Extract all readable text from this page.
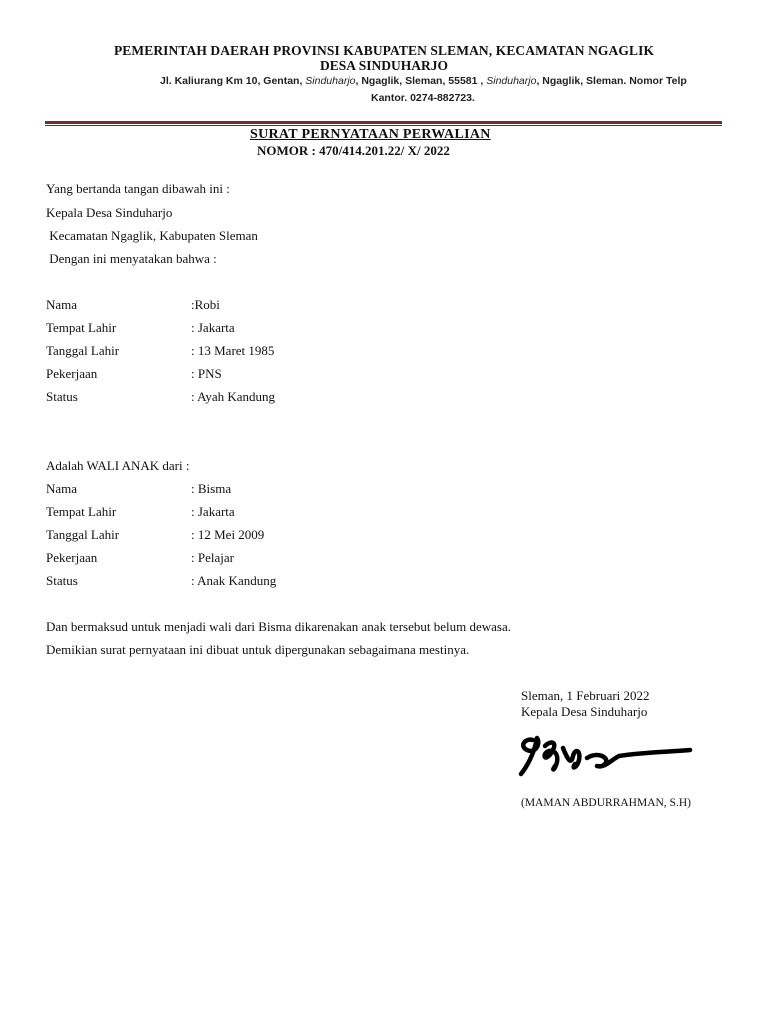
PEMERINTAH DAERAH PROVINSI KABUPATEN SLEMAN, KECAMATAN NGAGLIK
DESA SINDUHARJO
Jl. Kaliurang Km 10, Gentan, Sinduharjo, Ngaglik, Sleman, 55581 , Sinduharjo, Ngaglik, Sleman. Nomor Telp
Kantor. 0274-882723.
SURAT PERNYATAAN PERWALIAN
NOMOR : 470/414.201.22/ X/ 2022
Yang bertanda tangan dibawah ini :
Kepala Desa Sinduharjo
Kecamatan Ngaglik, Kabupaten Sleman
Dengan ini menyatakan bahwa :
Nama	:Robi
Tempat Lahir	: Jakarta
Tanggal Lahir	: 13 Maret 1985
Pekerjaan	: PNS
Status	: Ayah Kandung
Adalah WALI ANAK dari :
Nama	: Bisma
Tempat Lahir	: Jakarta
Tanggal Lahir	: 12 Mei 2009
Pekerjaan	: Pelajar
Status	: Anak Kandung
Dan bermaksud untuk menjadi wali dari Bisma dikarenakan anak tersebut belum dewasa.
Demikian surat pernyataan ini dibuat untuk dipergunakan sebagaimana mestinya.
Sleman, 1 Februari 2022
Kepala Desa Sinduharjo
(MAMAN ABDURRAHMAN, S.H)
